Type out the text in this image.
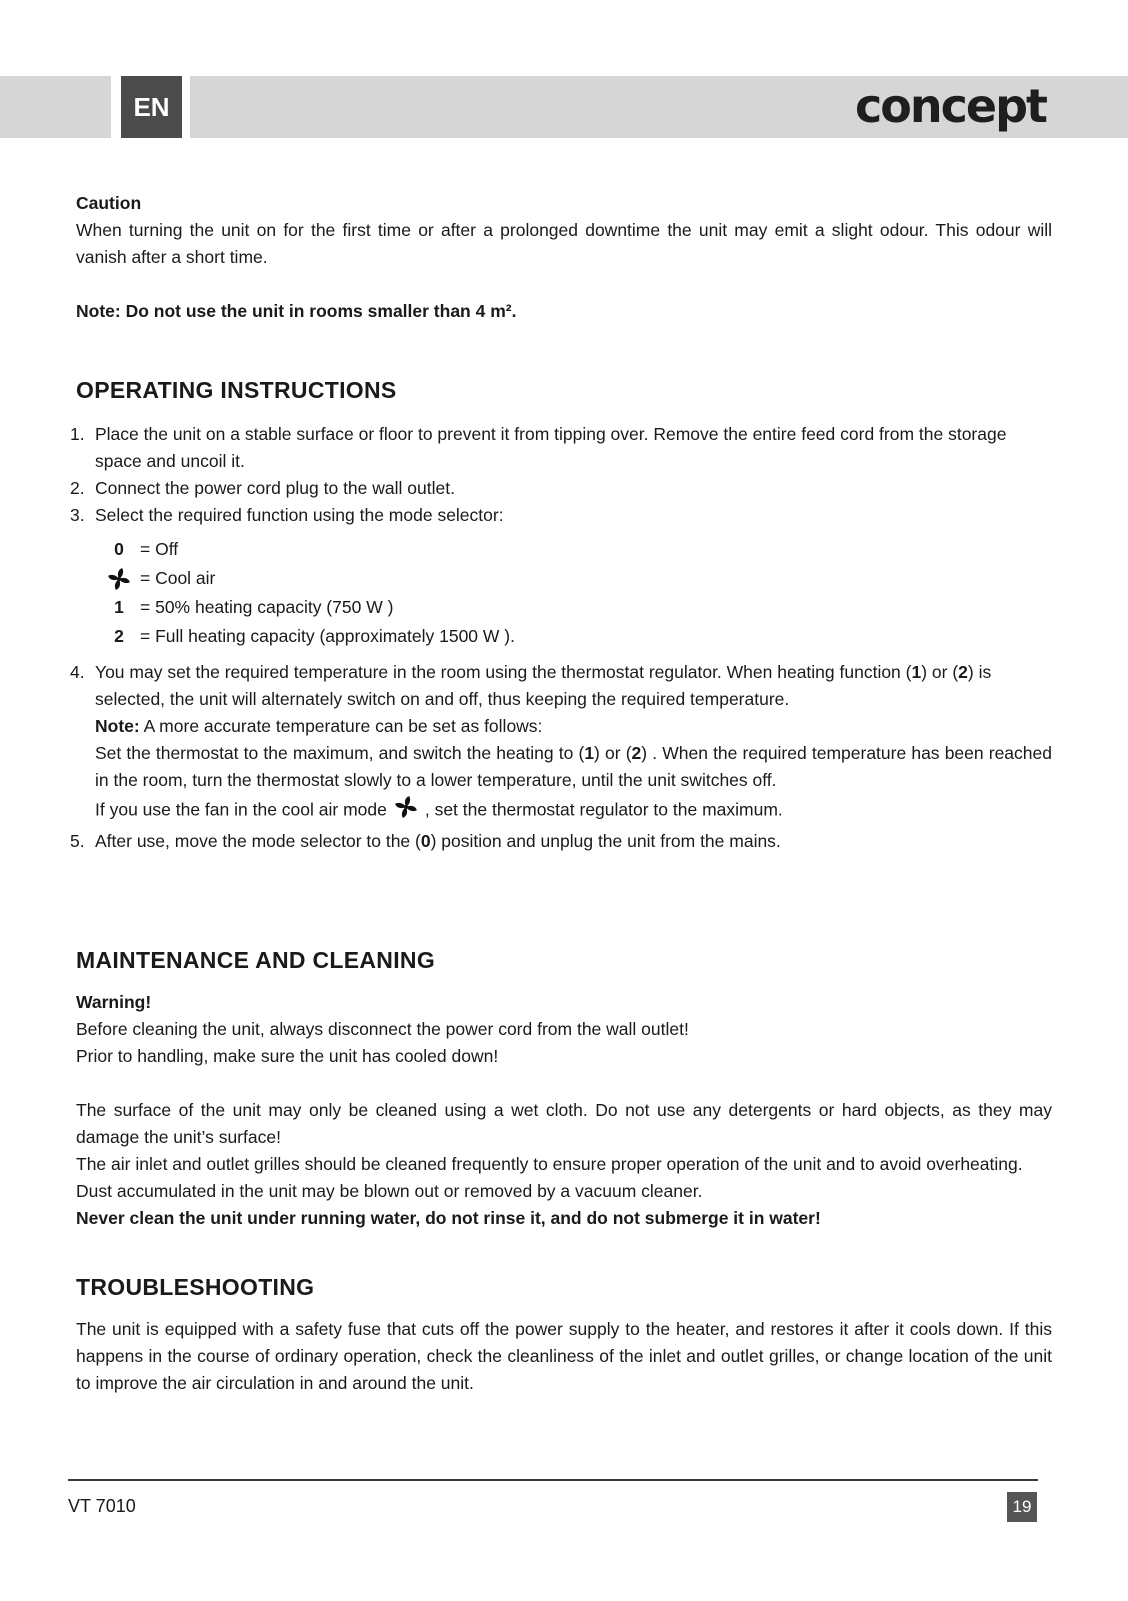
EN	concept

Caution

When turning the unit on for the first time or after a prolonged downtime the unit may emit a slight odour. This odour will vanish after a short time.

Note: Do not use the unit in rooms smaller than 4 m².

OPERATING INSTRUCTIONS
1. Place the unit on a stable surface or floor to prevent it from tipping over. Remove the entire feed cord from the storage space and uncoil it.
2. Connect the power cord plug to the wall outlet.
3. Select the required function using the mode selector:
0 = Off
= Cool air
1 = 50% heating capacity (750 W )
2 = Full heating capacity (approximately 1500 W ).
4. You may set the required temperature in the room using the thermostat regulator. When heating function (1) or (2) is selected, the unit will alternately switch on and off, thus keeping the required temperature.

Note: A more accurate temperature can be set as follows:

Set the thermostat to the maximum, and switch the heating to (1) or (2) . When the required temperature has been reached in the room, turn the thermostat slowly to a lower temperature, until the unit switches off.

If you use the fan in the cool air mode , set the thermostat regulator to the maximum.

5. After use, move the mode selector to the (0) position and unplug the unit from the mains.

MAINTENANCE AND CLEANING

Warning!

Before cleaning the unit, always disconnect the power cord from the wall outlet!

Prior to handling, make sure the unit has cooled down!

The surface of the unit may only be cleaned using a wet cloth. Do not use any detergents or hard objects, as they may damage the unit’s surface!

The air inlet and outlet grilles should be cleaned frequently to ensure proper operation of the unit and to avoid overheating.

Dust accumulated in the unit may be blown out or removed by a vacuum cleaner.

Never clean the unit under running water, do not rinse it, and do not submerge it in water!

TROUBLESHOOTING

The unit is equipped with a safety fuse that cuts off the power supply to the heater, and restores it after it cools down. If this happens in the course of ordinary operation, check the cleanliness of the inlet and outlet grilles, or change location of the unit to improve the air circulation in and around the unit.

VT 7010	19
